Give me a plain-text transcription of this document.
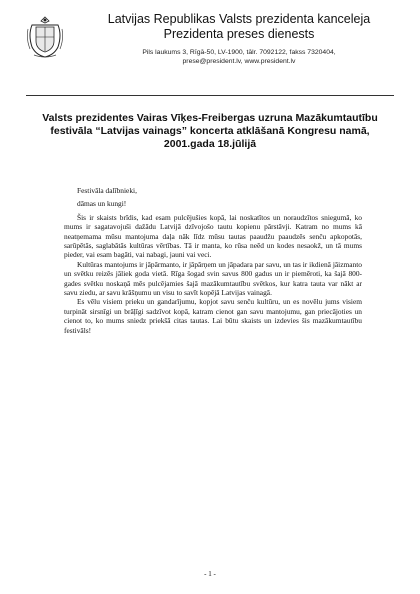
Latvijas Republikas Valsts prezidenta kanceleja
Prezidenta preses dienests
Pils laukums 3, Rīgā-50, LV-1900, tālr. 7092122, fakss 7320404,
prese@president.lv, www.president.lv
Valsts prezidentes Vairas Vīķes-Freibergas uzruna Mazākumtautību festivāla “Latvijas vainags” koncerta atklāšanā Kongresu namā, 2001.gada 18.jūlijā

Festivāla dalībnieki,

dāmas un kungi!

Šis ir skaists brīdis, kad esam pulcējušies kopā, lai noskatītos un noraudzītos sniegumā, ko mums ir sagatavojuši dažādu Latvijā dzīvojošo tautu kopienu pārstāvji. Katram no mums kā neatņemama mūsu mantojuma daļa nāk līdz mūsu tautas paaudžu paaudzēs senču apkopotās, sarūpētās, saglabātās kultūras vērtības. Tā ir manta, ko rūsa neēd un kodes nesaokž, un tā mums pieder, vai esam bagāti, vai nabagi, jauni vai veci.

Kultūras mantojums ir jāpārmanto, ir jāpārņem un jāpadara par savu, un tas ir ikdienā jāizmanto un svētku reizēs jāliek goda vietā. Rīga šogad svin savus 800 gadus un ir piemēroti, ka šajā 800-gades svētku noskaņā mēs pulcējamies šajā mazākumtautību svētkos, kur katra tauta var nākt ar savu ziedu, ar savu krāšņumu un visu to savīt kopējā Latvijas vainagā.

Es vēlu visiem prieku un gandarījumu, kopjot savu senču kultūru, un es novēlu jums visiem turpināt sirsnīgi un brāļīgi sadzīvot kopā, katram cienot gan savu mantojumu, gan priecājoties un cienot to, ko mums sniedz priekšā citas tautas. Lai būtu skaists un izdevies šis mazākumtautību festivāls!

- 1 -
